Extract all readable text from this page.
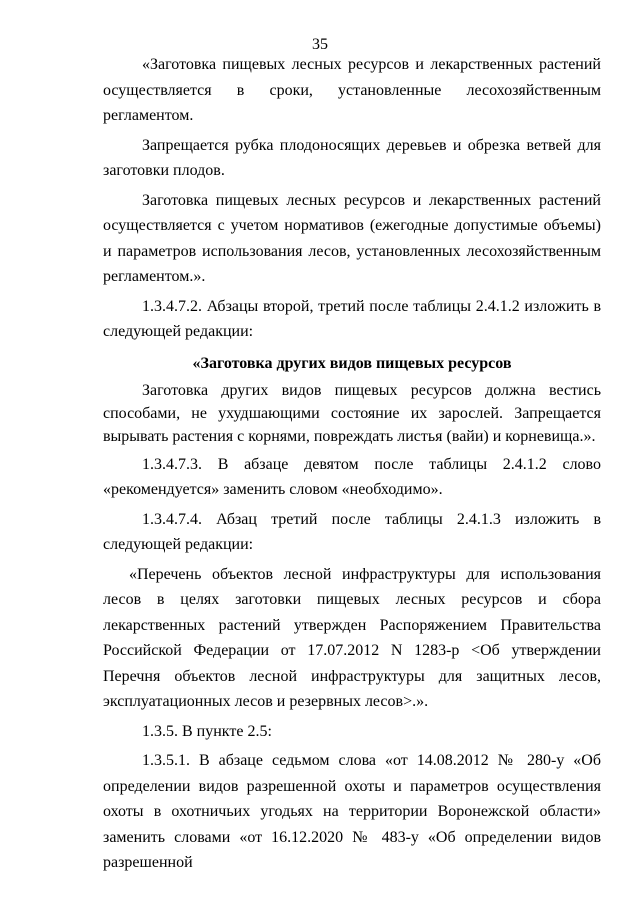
35

«Заготовка пищевых лесных ресурсов и лекарственных растений осуществляется в сроки, установленные лесохозяйственным регламентом.

Запрещается рубка плодоносящих деревьев и обрезка ветвей для заготовки плодов.

Заготовка пищевых лесных ресурсов и лекарственных растений осуществляется с учетом нормативов (ежегодные допустимые объемы) и параметров использования лесов, установленных лесохозяйственным регламентом.».

1.3.4.7.2. Абзацы второй, третий после таблицы 2.4.1.2 изложить в следующей редакции:

«Заготовка других видов пищевых ресурсов

Заготовка других видов пищевых ресурсов должна вестись способами, не ухудшающими состояние их зарослей. Запрещается вырывать растения с корнями, повреждать листья (вайи) и корневища.».

1.3.4.7.3. В абзаце девятом после таблицы 2.4.1.2 слово «рекомендуется» заменить словом «необходимо».

1.3.4.7.4. Абзац третий после таблицы 2.4.1.3 изложить в следующей редакции:

«Перечень объектов лесной инфраструктуры для использования лесов в целях заготовки пищевых лесных ресурсов и сбора лекарственных растений утвержден Распоряжением Правительства Российской Федерации от 17.07.2012 N 1283-р <Об утверждении Перечня объектов лесной инфраструктуры для защитных лесов, эксплуатационных лесов и резервных лесов>.».

1.3.5. В пункте 2.5:

1.3.5.1. В абзаце седьмом слова «от 14.08.2012 № 280-у «Об определении видов разрешенной охоты и параметров осуществления охоты в охотничьих угодьях на территории Воронежской области» заменить словами «от 16.12.2020 № 483-у «Об определении видов разрешенной
